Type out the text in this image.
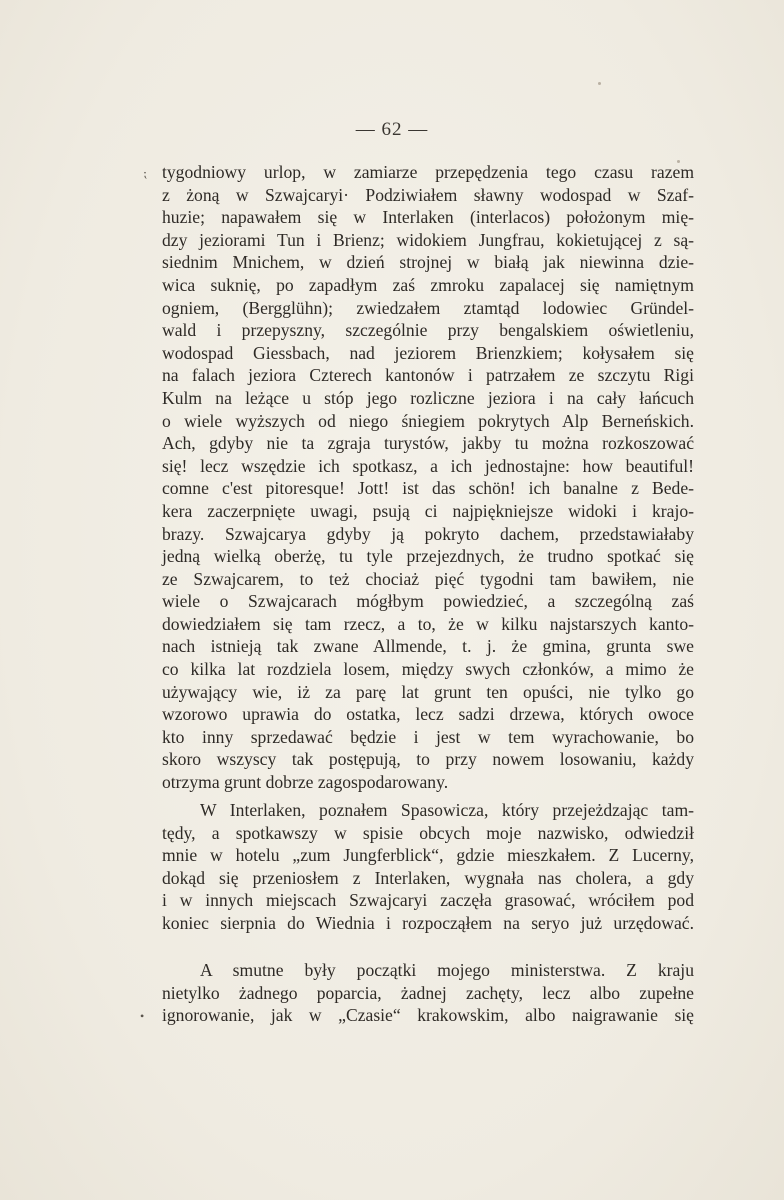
— 62 —
⁏
•
tygodniowy urlop, w zamiarze przepędzenia tego czasu razem
z żoną w Szwajcaryi· Podziwiałem sławny wodospad w Szaf-
huzie; napawałem się w Interlaken (interlacos) położonym mię-
dzy jeziorami Tun i Brienz; widokiem Jungfrau, kokietującej z są-
siednim Mnichem, w dzień strojnej w białą jak niewinna dzie-
wica suknię, po zapadłym zaś zmroku zapalacej się namiętnym
ogniem, (Bergglühn); zwiedzałem ztamtąd lodowiec Gründel-
wald i przepyszny, szczególnie przy bengalskiem oświetleniu,
wodospad Giessbach, nad jeziorem Brienzkiem; kołysałem się
na falach jeziora Czterech kantonów i patrzałem ze szczytu Rigi
Kulm na leżące u stóp jego rozliczne jeziora i na cały łańcuch
o wiele wyższych od niego śniegiem pokrytych Alp Berneńskich.
Ach, gdyby nie ta zgraja turystów, jakby tu można rozkoszować
się! lecz wszędzie ich spotkasz, a ich jednostajne: how beautiful!
comne c'est pitoresque! Jott! ist das schön! ich banalne z Bede-
kera zaczerpnięte uwagi, psują ci najpiękniejsze widoki i krajo-
brazy. Szwajcarya gdyby ją pokryto dachem, przedstawiałaby
jedną wielką oberżę, tu tyle przejezdnych, że trudno spotkać się
ze Szwajcarem, to też chociaż pięć tygodni tam bawiłem, nie
wiele o Szwajcarach mógłbym powiedzieć, a szczególną zaś
dowiedziałem się tam rzecz, a to, że w kilku najstarszych kanto-
nach istnieją tak zwane Allmende, t. j. że gmina, grunta swe
co kilka lat rozdziela losem, między swych członków, a mimo że
używający wie, iż za parę lat grunt ten opuści, nie tylko go
wzorowo uprawia do ostatka, lecz sadzi drzewa, których owoce
kto inny sprzedawać będzie i jest w tem wyrachowanie, bo
skoro wszyscy tak postępują, to przy nowem losowaniu, każdy
otrzyma grunt dobrze zagospodarowany.
W Interlaken, poznałem Spasowicza, który przejeżdzając tam-
tędy, a spotkawszy w spisie obcych moje nazwisko, odwiedził
mnie w hotelu „zum Jungferblick“, gdzie mieszkałem. Z Lucerny,
dokąd się przeniosłem z Interlaken, wygnała nas cholera, a gdy
i w innych miejscach Szwajcaryi zaczęła grasować, wróciłem pod
koniec sierpnia do Wiednia i rozpocząłem na seryo już urzędować.
A smutne były początki mojego ministerstwa. Z kraju
nietylko żadnego poparcia, żadnej zachęty, lecz albo zupełne
ignorowanie, jak w „Czasie“ krakowskim, albo naigrawanie się
